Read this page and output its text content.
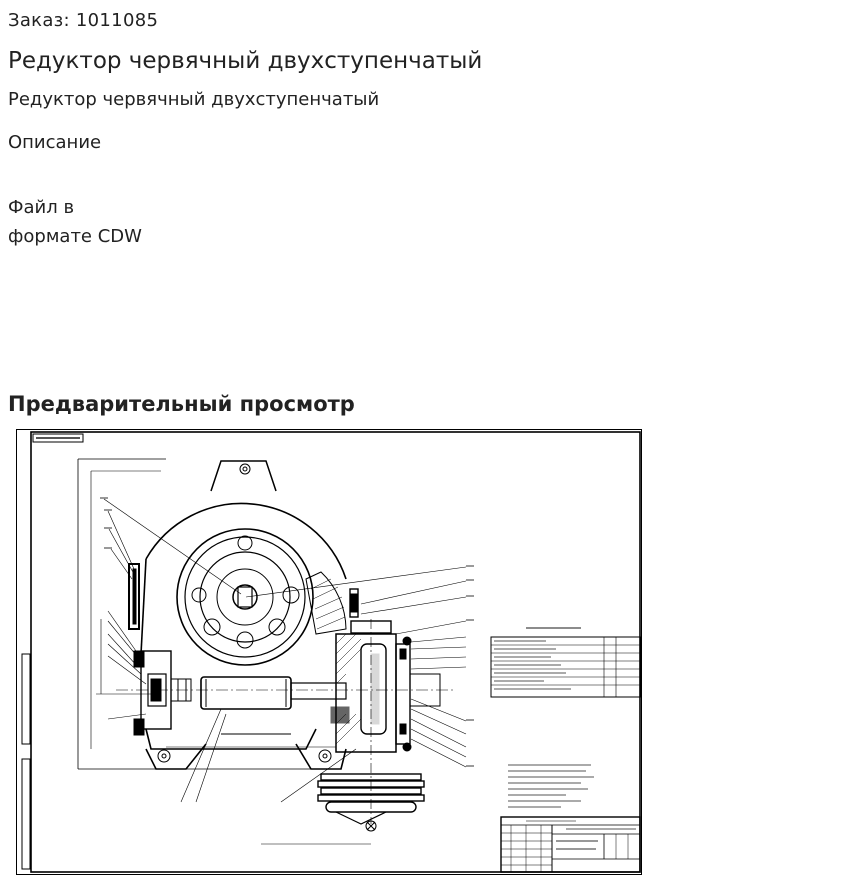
Заказ: 1011085
Редуктор червячный двухступенчатый
Редуктор червячный двухступенчатый
Описание
Файл в формате CDW
Предварительный просмотр
